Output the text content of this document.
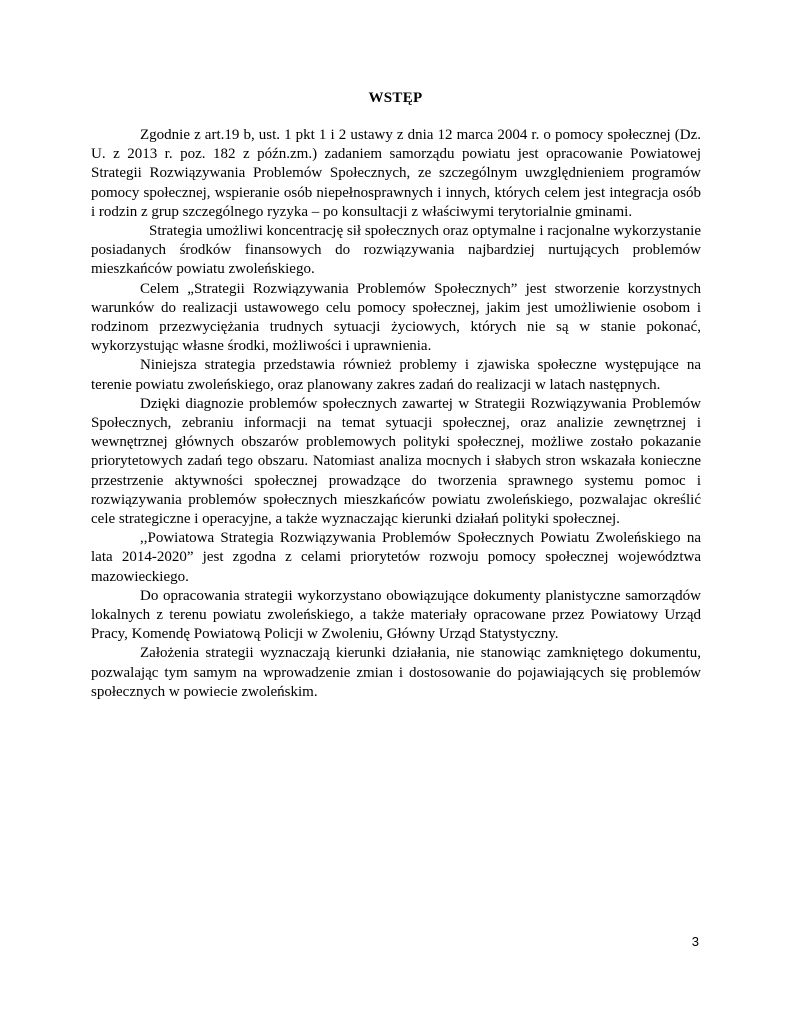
WSTĘP

Zgodnie z art.19 b, ust. 1 pkt 1 i 2 ustawy z dnia 12 marca 2004 r. o pomocy społecznej (Dz. U. z 2013 r. poz. 182 z późn.zm.) zadaniem samorządu powiatu jest opracowanie Powiatowej Strategii Rozwiązywania Problemów Społecznych, ze szczególnym uwzględnieniem programów pomocy społecznej, wspieranie osób niepełnosprawnych i innych, których celem jest integracja osób i rodzin z grup szczególnego ryzyka – po konsultacji z właściwymi terytorialnie gminami.

Strategia umożliwi koncentrację sił społecznych oraz optymalne i racjonalne wykorzystanie posiadanych środków finansowych do rozwiązywania najbardziej nurtujących problemów mieszkańców powiatu zwoleńskiego.

Celem „Strategii Rozwiązywania Problemów Społecznych” jest stworzenie korzystnych warunków do realizacji ustawowego celu pomocy społecznej, jakim jest umożliwienie osobom i rodzinom przezwyciężania trudnych sytuacji życiowych, których nie są w stanie pokonać, wykorzystując własne środki, możliwości i uprawnienia.

Niniejsza strategia przedstawia również problemy i zjawiska społeczne występujące na terenie powiatu zwoleńskiego, oraz planowany zakres zadań do realizacji w latach następnych.

Dzięki diagnozie problemów społecznych zawartej w Strategii Rozwiązywania Problemów Społecznych, zebraniu informacji na temat sytuacji społecznej, oraz analizie zewnętrznej i wewnętrznej głównych obszarów problemowych polityki społecznej, możliwe zostało pokazanie priorytetowych zadań tego obszaru. Natomiast analiza mocnych i słabych stron wskazała konieczne przestrzenie aktywności społecznej prowadzące do tworzenia sprawnego systemu pomoc i rozwiązywania problemów społecznych mieszkańców powiatu zwoleńskiego, pozwalajac określić cele strategiczne i operacyjne, a także wyznaczając kierunki działań polityki społecznej.

,,Powiatowa Strategia Rozwiązywania Problemów Społecznych Powiatu Zwoleńskiego na lata 2014-2020” jest zgodna z celami priorytetów rozwoju pomocy społecznej województwa mazowieckiego.

Do opracowania strategii wykorzystano obowiązujące dokumenty planistyczne samorządów lokalnych z terenu powiatu zwoleńskiego, a także materiały opracowane przez Powiatowy Urząd Pracy, Komendę Powiatową Policji w Zwoleniu, Główny Urząd Statystyczny.

Założenia strategii wyznaczają kierunki działania, nie stanowiąc zamkniętego dokumentu, pozwalając tym samym na wprowadzenie zmian i dostosowanie do pojawiających się problemów społecznych w powiecie zwoleńskim.

3
